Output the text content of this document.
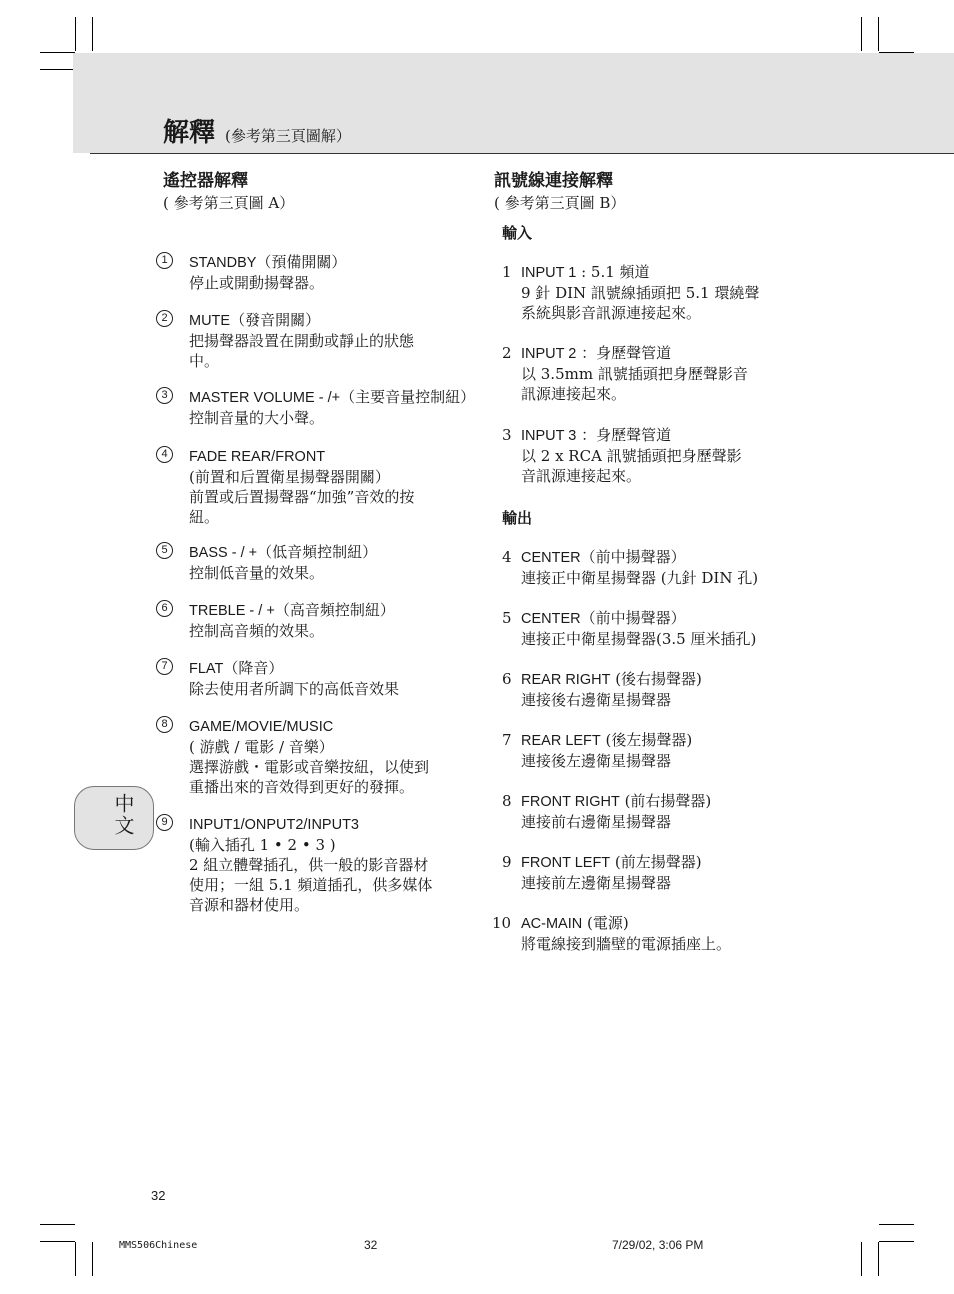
解釋 (參考第三頁圖解）
遙控器解釋
( 參考第三頁圖 A）
1	STANDBY（預備開關）
停止或開動揚聲器。
2	MUTE（發音開關）
把揚聲器設置在開動或靜止的狀態
中。
3	MASTER VOLUME - /+（主要音量控制紐）
控制音量的大小聲。
4	FADE REAR/FRONT
(前置和后置衛星揚聲器開關）
前置或后置揚聲器“加強”音效的按
紐。
5	BASS - / +（低音頻控制紐）
控制低音量的效果。
6	TREBLE - / +（高音頻控制紐）
控制高音頻的效果。
7	FLAT（降音）
除去使用者所調下的高低音效果
8	GAME/MOVIE/MUSIC
( 游戲 / 電影 / 音樂）
選擇游戲・電影或音樂按紐，以使到
重播出來的音效得到更好的發揮。
9	INPUT1/ONPUT2/INPUT3
(輸入插孔 1 • 2 • 3 )
2 組立體聲插孔，供一般的影音器材
使用；一組 5.1 頻道插孔，供多媒体
音源和器材使用。
訊號線連接解釋
( 參考第三頁圖 B）
輸入
輸出
1 INPUT 1 : 5.1 頻道
9 針 DIN 訊號線插頭把 5.1 環繞聲
系統與影音訊源連接起來。
2 INPUT 2 ：身歷聲管道
以 3.5mm 訊號插頭把身歷聲影音
訊源連接起來。
3 INPUT 3 ：身歷聲管道
以 2 x RCA 訊號插頭把身歷聲影
音訊源連接起來。
4 CENTER（前中揚聲器）
連接正中衛星揚聲器 (九針 DIN 孔)
5 CENTER（前中揚聲器）
連接正中衛星揚聲器(3.5 厘米插孔)
6 REAR RIGHT (後右揚聲器)
連接後右邊衛星揚聲器
7 REAR LEFT (後左揚聲器)
連接後左邊衛星揚聲器
8 FRONT RIGHT (前右揚聲器)
連接前右邊衛星揚聲器
9 FRONT LEFT (前左揚聲器)
連接前左邊衛星揚聲器
10 AC-MAIN (電源)
將電線接到牆壁的電源插座上。
中文
32
MMS506Chinese	32	7/29/02, 3:06 PM
